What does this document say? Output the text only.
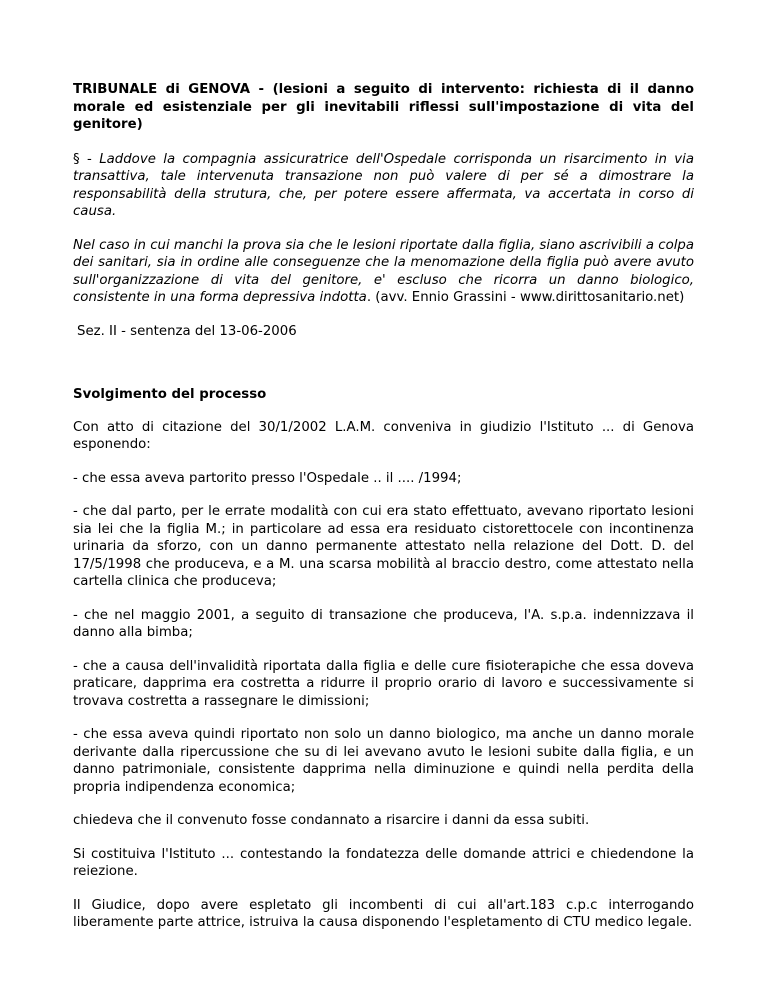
TRIBUNALE di GENOVA - (lesioni a seguito di intervento: richiesta di il danno morale ed esistenziale per gli inevitabili riflessi sull'impostazione di vita del genitore)

§ - Laddove la compagnia assicuratrice dell'Ospedale corrisponda un risarcimento in via transattiva, tale intervenuta transazione non può valere di per sé a dimostrare la responsabilità della strutura, che, per potere essere affermata, va accertata in corso di causa.

Nel caso in cui manchi la prova sia che le lesioni riportate dalla figlia, siano ascrivibili a colpa dei sanitari, sia in ordine alle conseguenze che la menomazione della figlia può avere avuto sull'organizzazione di vita del genitore, e' escluso che ricorra un danno biologico, consistente in una forma depressiva indotta. (avv. Ennio Grassini - www.dirittosanitario.net)

Sez. II - sentenza del 13-06-2006

Svolgimento del processo

Con atto di citazione del 30/1/2002 L.A.M. conveniva in giudizio l'Istituto ... di Genova esponendo:

- che essa aveva partorito presso l'Ospedale .. il .... /1994;

- che dal parto, per le errate modalità con cui era stato effettuato, avevano riportato lesioni sia lei che la figlia M.; in particolare ad essa era residuato cistorettocele con incontinenza urinaria da sforzo, con un danno permanente attestato nella relazione del Dott. D. del 17/5/1998 che produceva, e a M. una scarsa mobilità al braccio destro, come attestato nella cartella clinica che produceva;

- che nel maggio 2001, a seguito di transazione che produceva, l'A. s.p.a. indennizzava il danno alla bimba;

- che a causa dell'invalidità riportata dalla figlia e delle cure fisioterapiche che essa doveva praticare, dapprima era costretta a ridurre il proprio orario di lavoro e successivamente si trovava costretta a rassegnare le dimissioni;

- che essa aveva quindi riportato non solo un danno biologico, ma anche un danno morale derivante dalla ripercussione che su di lei avevano avuto le lesioni subite dalla figlia, e un danno patrimoniale, consistente dapprima nella diminuzione e quindi nella perdita della propria indipendenza economica;

chiedeva che il convenuto fosse condannato a risarcire i danni da essa subiti.

Si costituiva l'Istituto ... contestando la fondatezza delle domande attrici e chiedendone la reiezione.

Il Giudice, dopo avere espletato gli incombenti di cui all'art.183 c.p.c interrogando liberamente parte attrice, istruiva la causa disponendo l'espletamento di CTU medico legale.
